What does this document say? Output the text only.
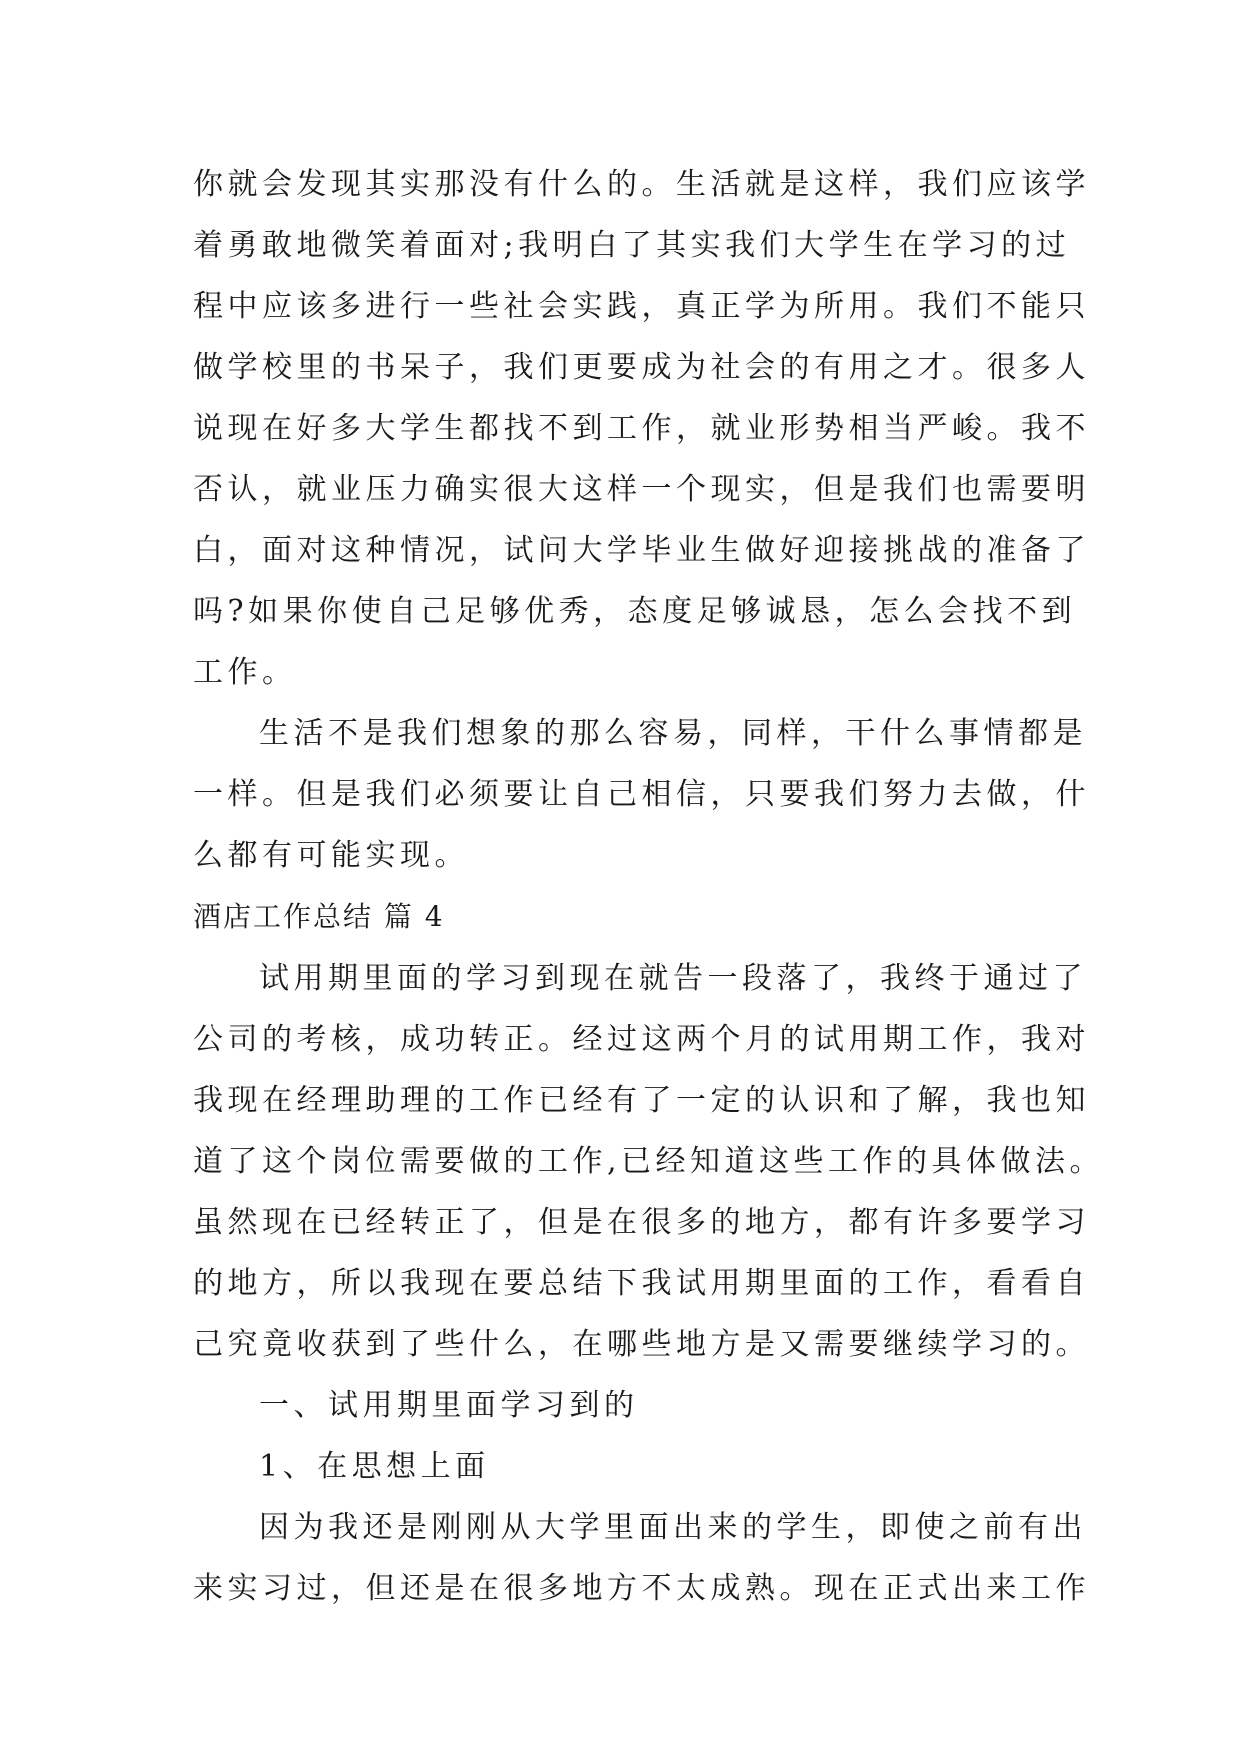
你就会发现其实那没有什么的。生活就是这样，我们应该学
着勇敢地微笑着面对;我明白了其实我们大学生在学习的过
程中应该多进行一些社会实践，真正学为所用。我们不能只
做学校里的书呆子，我们更要成为社会的有用之才。很多人
说现在好多大学生都找不到工作，就业形势相当严峻。我不
否认，就业压力确实很大这样一个现实，但是我们也需要明
白，面对这种情况，试问大学毕业生做好迎接挑战的准备了
吗?如果你使自己足够优秀，态度足够诚恳，怎么会找不到
工作。
生活不是我们想象的那么容易，同样，干什么事情都是
一样。但是我们必须要让自己相信，只要我们努力去做，什
么都有可能实现。
酒店工作总结 篇 4
试用期里面的学习到现在就告一段落了，我终于通过了
公司的考核，成功转正。经过这两个月的试用期工作，我对
我现在经理助理的工作已经有了一定的认识和了解，我也知
道了这个岗位需要做的工作,已经知道这些工作的具体做法。
虽然现在已经转正了，但是在很多的地方，都有许多要学习
的地方，所以我现在要总结下我试用期里面的工作，看看自
己究竟收获到了些什么，在哪些地方是又需要继续学习的。
一、试用期里面学习到的
1、在思想上面
因为我还是刚刚从大学里面出来的学生，即使之前有出
来实习过，但还是在很多地方不太成熟。现在正式出来工作
